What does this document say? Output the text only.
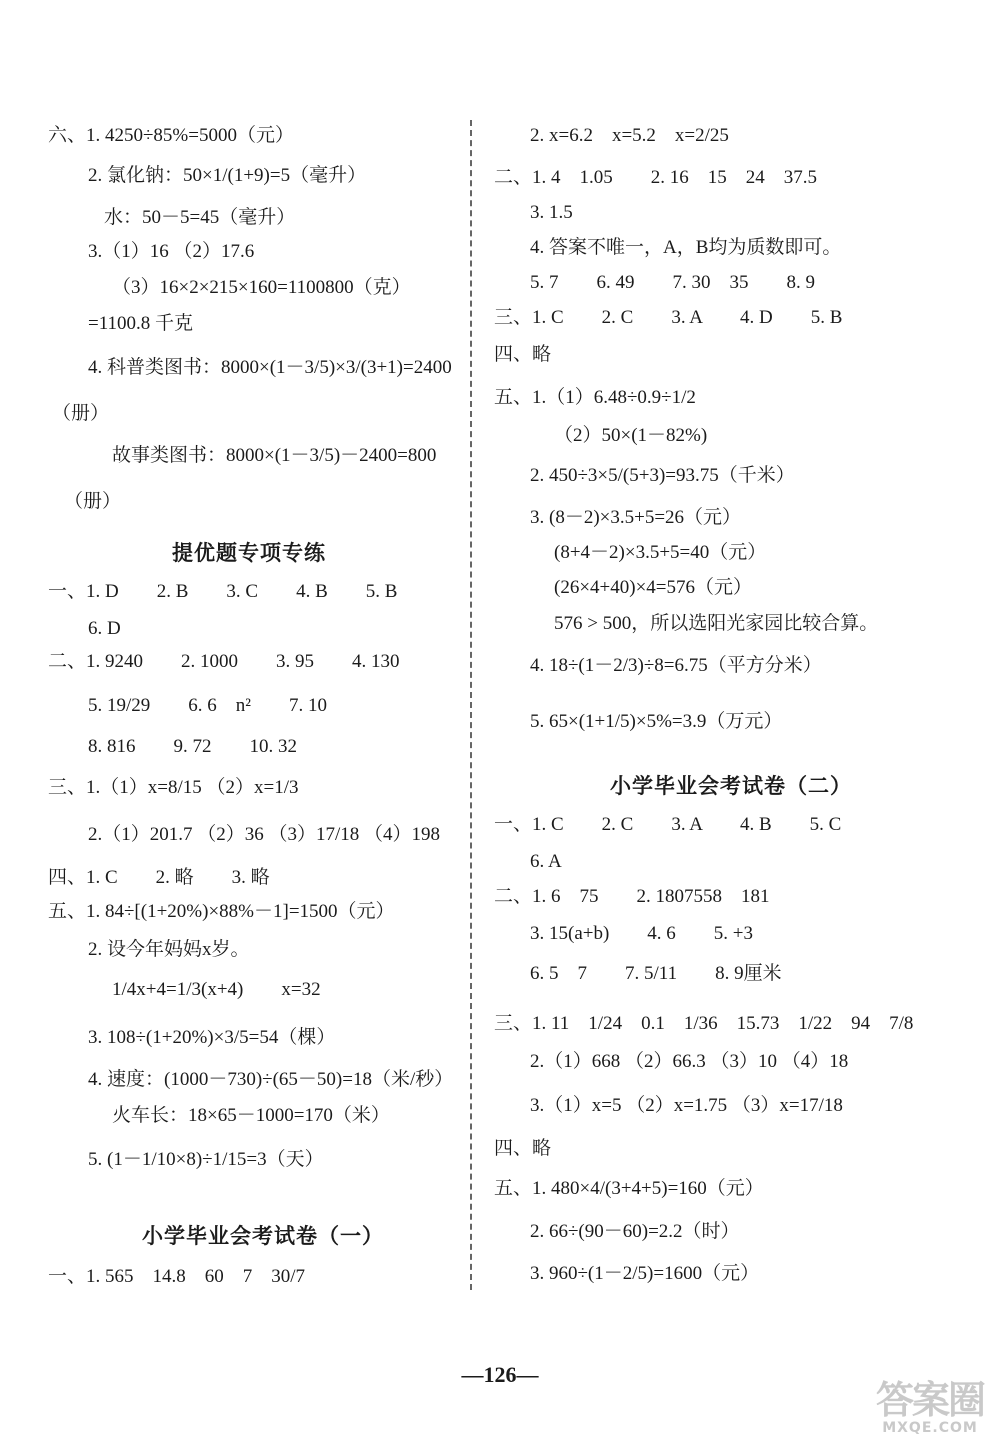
六、1. 4250÷85%=5000（元）
2. 氯化钠：50×1/(1+9)=5（毫升）
水：50－5=45（毫升）
3.（1）16 （2）17.6
（3）16×2×215×160=1100800（克）
=1100.8 千克
4. 科普类图书：8000×(1－3/5)×3/(3+1)=2400
（册）
故事类图书：8000×(1－3/5)－2400=800
（册）
提优题专项专练
一、1. D　　2. B　　3. C　　4. B　　5. B
6. D
二、1. 9240　　2. 1000　　3. 95　　4. 130
5. 19/29　　6. 6　n²　　7. 10
8. 816　　9. 72　　10. 32
三、1.（1）x=8/15 （2）x=1/3
2.（1）201.7 （2）36 （3）17/18 （4）198
四、1. C　　2. 略　　3. 略
五、1. 84÷[(1+20%)×88%－1]=1500（元）
2. 设今年妈妈x岁。
1/4x+4=1/3(x+4)　　x=32
3. 108÷(1+20%)×3/5=54（棵）
4. 速度：(1000－730)÷(65－50)=18（米/秒）
火车长：18×65－1000=170（米）
5. (1－1/10×8)÷1/15=3（天）
小学毕业会考试卷（一）
一、1. 565　14.8　60　7　30/7
2. x=6.2　x=5.2　x=2/25
二、1. 4　1.05　　2. 16　15　24　37.5
3. 1.5
4. 答案不唯一，A，B均为质数即可。
5. 7　　6. 49　　7. 30　35　　8. 9
三、1. C　　2. C　　3. A　　4. D　　5. B
四、略
五、1.（1）6.48÷0.9÷1/2
（2）50×(1－82%)
2. 450÷3×5/(5+3)=93.75（千米）
3. (8－2)×3.5+5=26（元）
(8+4－2)×3.5+5=40（元）
(26×4+40)×4=576（元）
576 > 500，所以选阳光家园比较合算。
4. 18÷(1－2/3)÷8=6.75（平方分米）
5. 65×(1+1/5)×5%=3.9（万元）
小学毕业会考试卷（二）
一、1. C　　2. C　　3. A　　4. B　　5. C
6. A
二、1. 6　75　　2. 1807558　181
3. 15(a+b)　　4. 6　　5. +3
6. 5　7　　7. 5/11　　8. 9厘米
三、1. 11　1/24　0.1　1/36　15.73　1/22　94　7/8
2.（1）668 （2）66.3 （3）10 （4）18
3.（1）x=5 （2）x=1.75 （3）x=17/18
四、略
五、1. 480×4/(3+4+5)=160（元）
2. 66÷(90－60)=2.2（时）
3. 960÷(1－2/5)=1600（元）
—126—
答案圈
MXQE.COM
